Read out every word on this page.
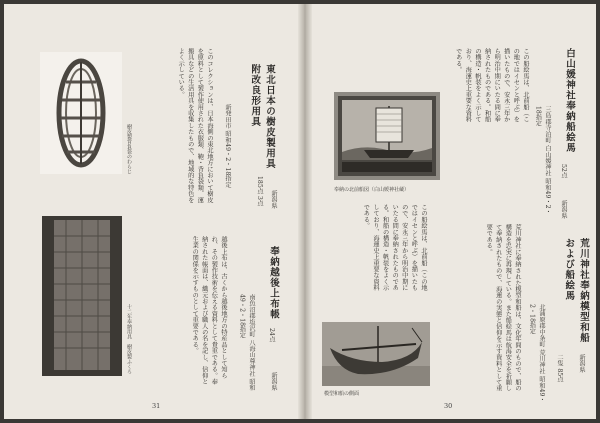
樹皮製背負袋のわらじ
十二年奉納用具　樹皮製ふくろ
このコレクションは、日本海側の東北地方において樹皮を原料として製作使用された衣服類、鞄・背負袋類、運搬具などの生活用具を収集したもので、地域的な特色をよく示している。
新発田市 昭和49・2・18指定	東北日本の樹皮製用具 附改良形用具
185点 3点	新潟県
越後上布は、古くから越後地方の特産品として知られ、その製作技術を伝える資料として貴重である。奉納された帳面は、織元および職人の名を記し、信仰と生業の関係を示すものとして重要である。	南魚沼郡塩沢町 八海山尊神社 昭和49・2・18指定	奉納越後上布帳
24点
新潟県
31
白山媛神社奉納船絵馬
52点
新潟県
三島郡寺泊町 白山媛神社 昭和49・2・18指定
この船絵馬は、北前船（この地ではイセンと呼ぶ）を描いたもので、安永三年から明治中期にいたる間に奉納されたものである。和船の構造・帆装をよく示しており、海運史上重要な資料である。
奉納の北前船図（白山媛神社蔵）
荒川神社奉納模型和船 および船絵馬
二隻 85点	新潟県
北蒲原郡中条町 荒川神社 昭和49・2・18指定
荒川神社に奉納された模型和船は、文化年間のもので、船の構造を忠実に再現している。また船絵馬は航海安全を祈願して奉納されたもので、海運の実態と信仰を示す資料として重要である。
この船絵馬は、北前船（この地ではイセンと呼ぶ）を描いたもので、安永三年から明治中期にいたる間に奉納されたものである。和船の構造・帆装をよく示しており、海運史上重要な資料である。
模型和船の側面
30
